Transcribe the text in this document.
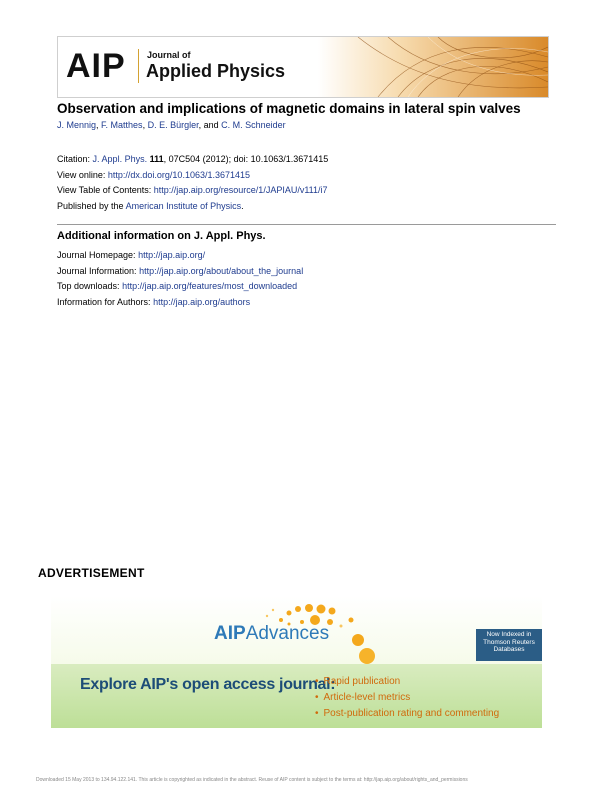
AIP Journal of
Applied Physics
Observation and implications of magnetic domains in lateral spin valves
J. Mennig, F. Matthes, D. E. Bürgler, and C. M. Schneider
Citation: J. Appl. Phys. 111, 07C504 (2012); doi: 10.1063/1.3671415
View online: http://dx.doi.org/10.1063/1.3671415
View Table of Contents: http://jap.aip.org/resource/1/JAPIAU/v111/i7
Published by the American Institute of Physics.
Additional information on J. Appl. Phys.
Journal Homepage: http://jap.aip.org/
Journal Information: http://jap.aip.org/about/about_the_journal
Top downloads: http://jap.aip.org/features/most_downloaded
Information for Authors: http://jap.aip.org/authors
ADVERTISEMENT
AIPAdvances	Now Indexed in Thomson Reuters Databases
Explore AIP's open access journal:
• Rapid publication
• Article-level metrics
• Post-publication rating and commenting
Downloaded 15 May 2013 to 134.94.122.141. This article is copyrighted as indicated in the abstract. Reuse of AIP content is subject to the terms at: http://jap.aip.org/about/rights_and_permissions
